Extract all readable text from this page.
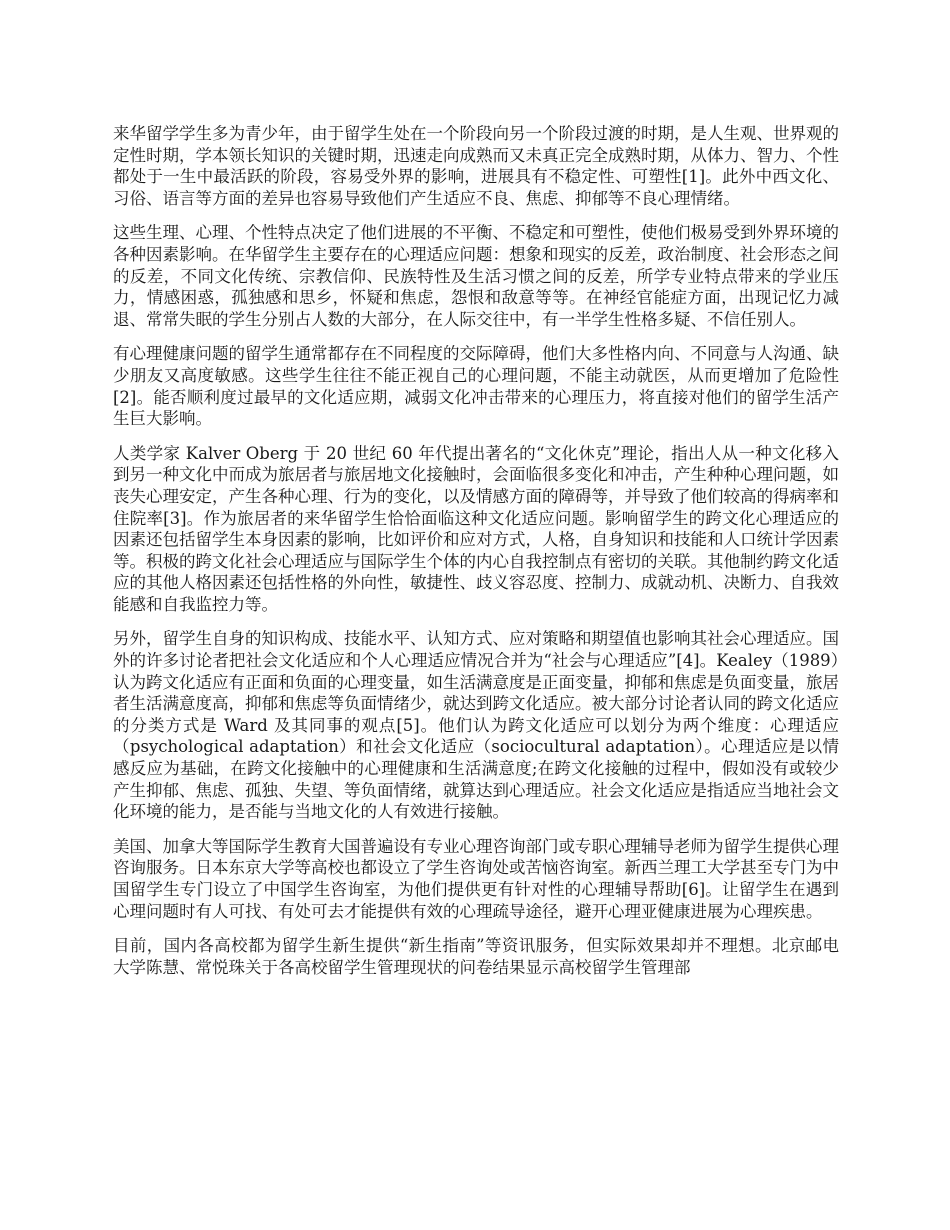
来华留学学生多为青少年，由于留学生处在一个阶段向另一个阶段过渡的时期，是人生观、世界观的定性时期，学本领长知识的关键时期，迅速走向成熟而又未真正完全成熟时期，从体力、智力、个性都处于一生中最活跃的阶段，容易受外界的影响，进展具有不稳定性、可塑性[1]。此外中西文化、习俗、语言等方面的差异也容易导致他们产生适应不良、焦虑、抑郁等不良心理情绪。

这些生理、心理、个性特点决定了他们进展的不平衡、不稳定和可塑性，使他们极易受到外界环境的各种因素影响。在华留学生主要存在的心理适应问题：想象和现实的反差，政治制度、社会形态之间的反差，不同文化传统、宗教信仰、民族特性及生活习惯之间的反差，所学专业特点带来的学业压力，情感困惑，孤独感和思乡，怀疑和焦虑，怨恨和敌意等等。在神经官能症方面，出现记忆力减退、常常失眠的学生分别占人数的大部分，在人际交往中，有一半学生性格多疑、不信任别人。

有心理健康问题的留学生通常都存在不同程度的交际障碍，他们大多性格内向、不同意与人沟通、缺少朋友又高度敏感。这些学生往往不能正视自己的心理问题，不能主动就医，从而更增加了危险性[2]。能否顺利度过最早的文化适应期，减弱文化冲击带来的心理压力，将直接对他们的留学生活产生巨大影响。

人类学家 Kalver Oberg 于 20 世纪 60 年代提出著名的“文化休克”理论，指出人从一种文化移入到另一种文化中而成为旅居者与旅居地文化接触时，会面临很多变化和冲击，产生种种心理问题，如丧失心理安定，产生各种心理、行为的变化，以及情感方面的障碍等，并导致了他们较高的得病率和住院率[3]。作为旅居者的来华留学生恰恰面临这种文化适应问题。影响留学生的跨文化心理适应的因素还包括留学生本身因素的影响，比如评价和应对方式，人格，自身知识和技能和人口统计学因素等。积极的跨文化社会心理适应与国际学生个体的内心自我控制点有密切的关联。其他制约跨文化适应的其他人格因素还包括性格的外向性，敏捷性、歧义容忍度、控制力、成就动机、决断力、自我效能感和自我监控力等。

另外，留学生自身的知识构成、技能水平、认知方式、应对策略和期望值也影响其社会心理适应。国外的许多讨论者把社会文化适应和个人心理适应情况合并为“社会与心理适应”[4]。Kealey（1989）认为跨文化适应有正面和负面的心理变量，如生活满意度是正面变量，抑郁和焦虑是负面变量，旅居者生活满意度高，抑郁和焦虑等负面情绪少，就达到跨文化适应。被大部分讨论者认同的跨文化适应的分类方式是 Ward 及其同事的观点[5]。他们认为跨文化适应可以划分为两个维度：心理适应（psychological adaptation）和社会文化适应（sociocultural adaptation）。心理适应是以情感反应为基础，在跨文化接触中的心理健康和生活满意度;在跨文化接触的过程中，假如没有或较少产生抑郁、焦虑、孤独、失望、等负面情绪，就算达到心理适应。社会文化适应是指适应当地社会文化环境的能力，是否能与当地文化的人有效进行接触。

美国、加拿大等国际学生教育大国普遍设有专业心理咨询部门或专职心理辅导老师为留学生提供心理咨询服务。日本东京大学等高校也都设立了学生咨询处或苦恼咨询室。新西兰理工大学甚至专门为中国留学生专门设立了中国学生咨询室，为他们提供更有针对性的心理辅导帮助[6]。让留学生在遇到心理问题时有人可找、有处可去才能提供有效的心理疏导途径，避开心理亚健康进展为心理疾患。

目前，国内各高校都为留学生新生提供“新生指南”等资讯服务，但实际效果却并不理想。北京邮电大学陈慧、常悦珠关于各高校留学生管理现状的问卷结果显示高校留学生管理部
